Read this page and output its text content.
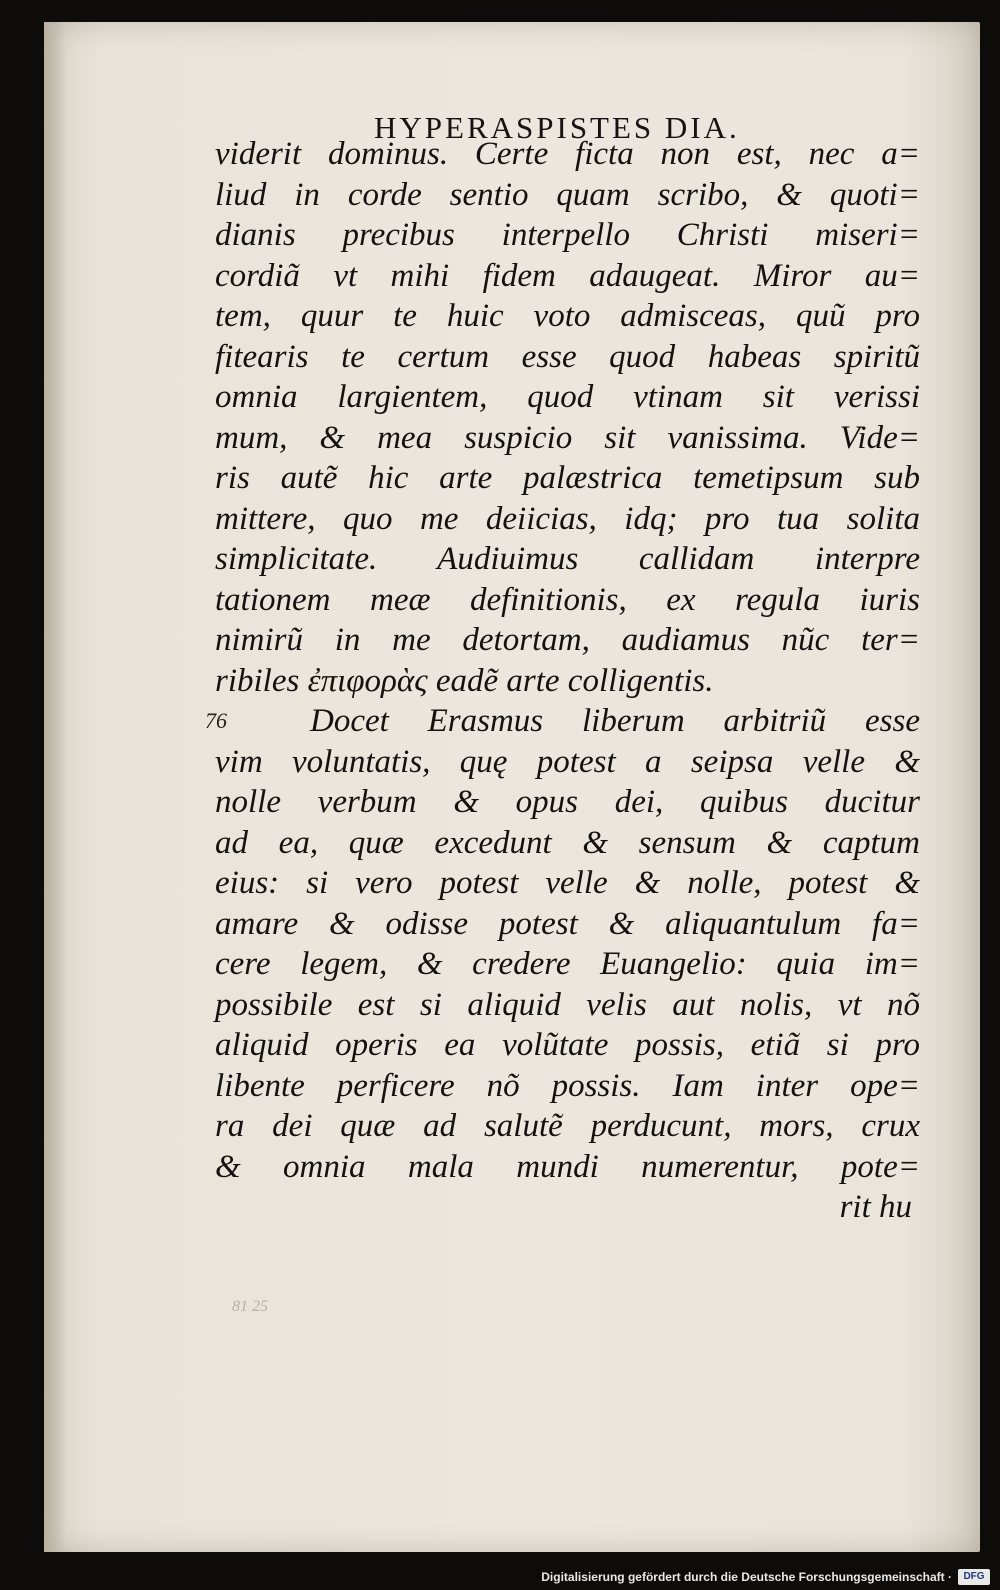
HYPERASPISTES DIA.
viderit dominus. Certe ficta non est, nec a=
liud in corde sentio quam scribo, & quoti=
dianis precibus interpello Christi miseri=
cordiã vt mihi fidem adaugeat. Miror au=
tem, quur te huic voto admisceas, quũ pro
fitearis te certum esse quod habeas spiritũ
omnia largientem, quod vtinam sit verissi
mum, & mea suspicio sit vanissima. Vide=
ris autẽ hic arte palæstrica temetipsum sub
mittere, quo me deiicias, idq; pro tua solita
simplicitate. Audiuimus callidam interpre
tationem meæ definitionis, ex regula iuris
nimirũ in me detortam, audiamus nũc ter=
ribiles ἐπιφορὰς eadẽ arte colligentis.
76	Docet Erasmus liberum arbitriũ esse
vim voluntatis, quę potest a seipsa velle &
nolle verbum & opus dei, quibus ducitur
ad ea, quæ excedunt & sensum & captum
eius: si vero potest velle & nolle, potest &
amare & odisse potest & aliquantulum fa=
cere legem, & credere Euangelio: quia im=
possibile est si aliquid velis aut nolis, vt nõ
aliquid operis ea volũtate possis, etiã si pro
libente perficere nõ possis. Iam inter ope=
ra dei quæ ad salutẽ perducunt, mors, crux
& omnia mala mundi numerentur, pote=
rit hu
81 25
Digitalisierung gefördert durch die Deutsche Forschungsgemeinschaft ·	DFG
